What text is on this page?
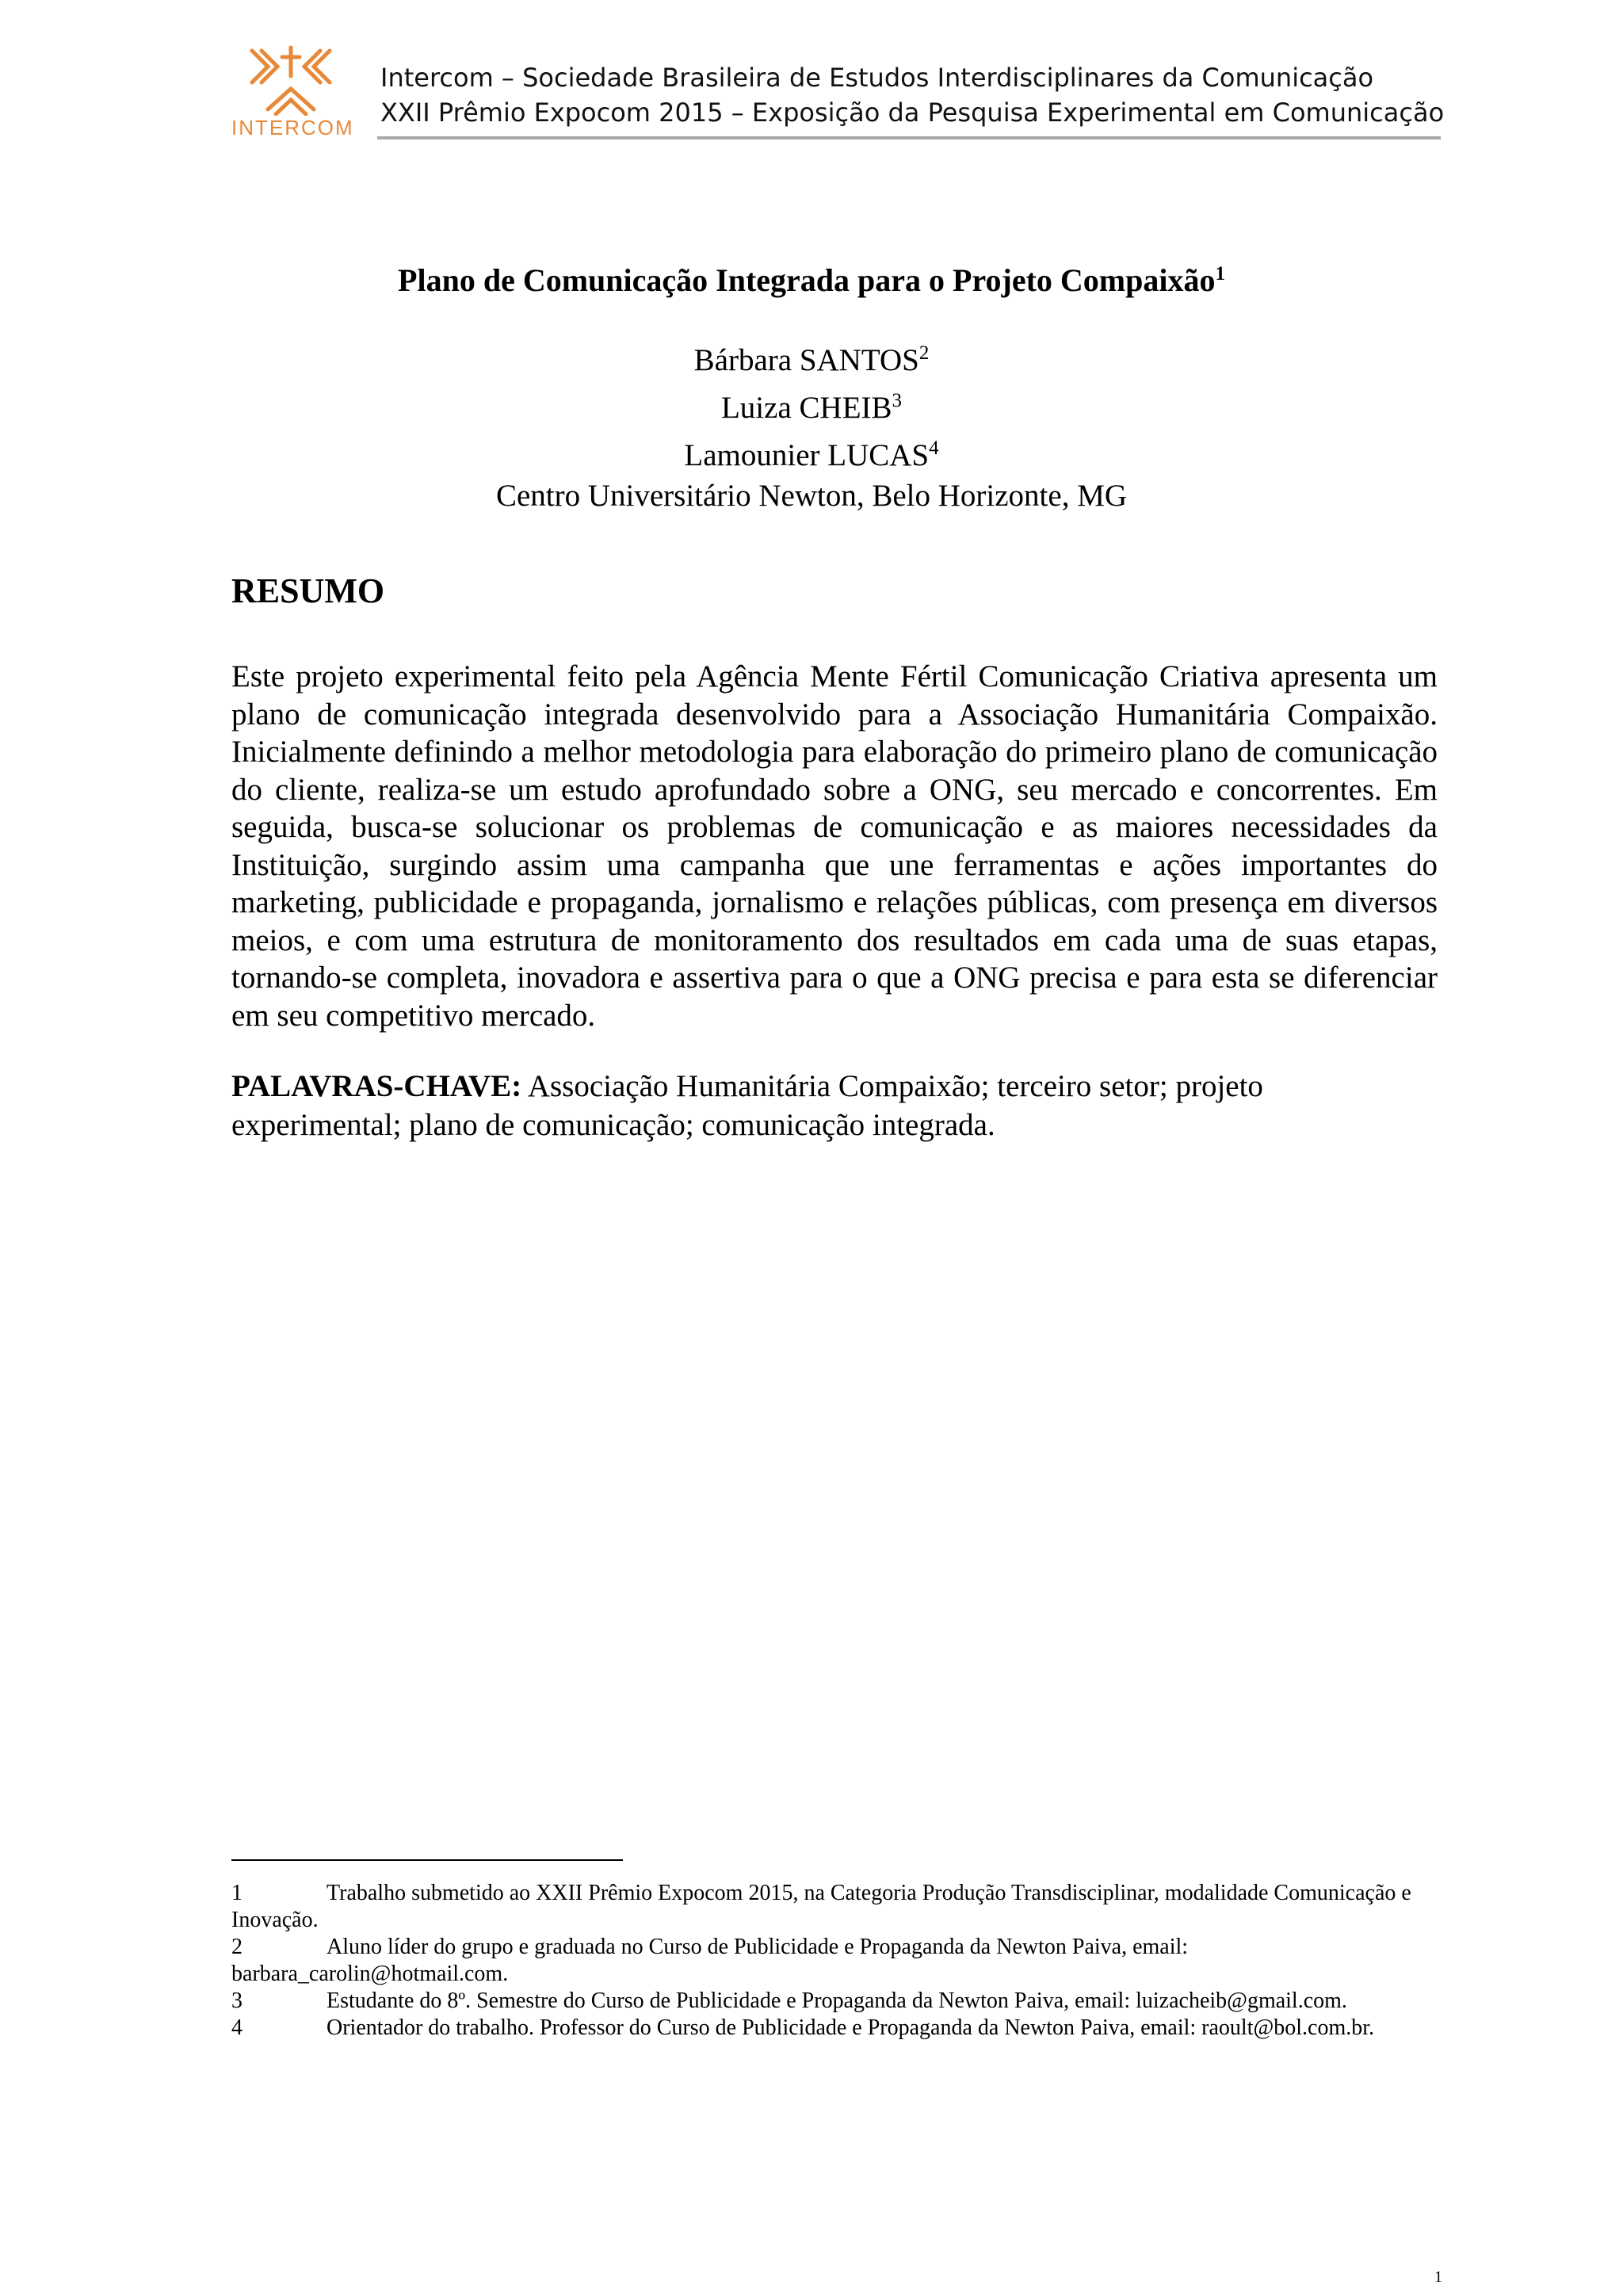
INTERCOM
Intercom – Sociedade Brasileira de Estudos Interdisciplinares da Comunicação
XXII Prêmio Expocom 2015 – Exposição da Pesquisa Experimental em Comunicação
Plano de Comunicação Integrada para o Projeto Compaixão$^1$
Bárbara SANTOS$^2$
Luiza CHEIB$^3$
Lamounier LUCAS$^4$
Centro Universitário Newton, Belo Horizonte, MG
RESUMO
Este projeto experimental feito pela Agência Mente Fértil Comunicação Criativa apresenta um plano de comunicação integrada desenvolvido para a Associação Humanitária Compaixão. Inicialmente definindo a melhor metodologia para elaboração do primeiro plano de comunicação do cliente, realiza-se um estudo aprofundado sobre a ONG, seu mercado e concorrentes. Em seguida, busca-se solucionar os problemas de comunicação e as maiores necessidades da Instituição, surgindo assim uma campanha que une ferramentas e ações importantes do marketing, publicidade e propaganda, jornalismo e relações públicas, com presença em diversos meios, e com uma estrutura de monitoramento dos resultados em cada uma de suas etapas, tornando-se completa, inovadora e assertiva para o que a ONG precisa e para esta se diferenciar em seu competitivo mercado.
PALAVRAS-CHAVE: Associação Humanitária Compaixão; terceiro setor; projeto experimental; plano de comunicação; comunicação integrada.
1	Trabalho submetido ao XXII Prêmio Expocom 2015, na Categoria Produção Transdisciplinar, modalidade Comunicação e Inovação.
2	Aluno líder do grupo e graduada no Curso de Publicidade e Propaganda da Newton Paiva, email: barbara_carolin@hotmail.com.
3	Estudante do 8º. Semestre do Curso de Publicidade e Propaganda da Newton Paiva, email: luizacheib@gmail.com.
4	Orientador do trabalho. Professor do Curso de Publicidade e Propaganda da Newton Paiva, email: raoult@bol.com.br.
1
